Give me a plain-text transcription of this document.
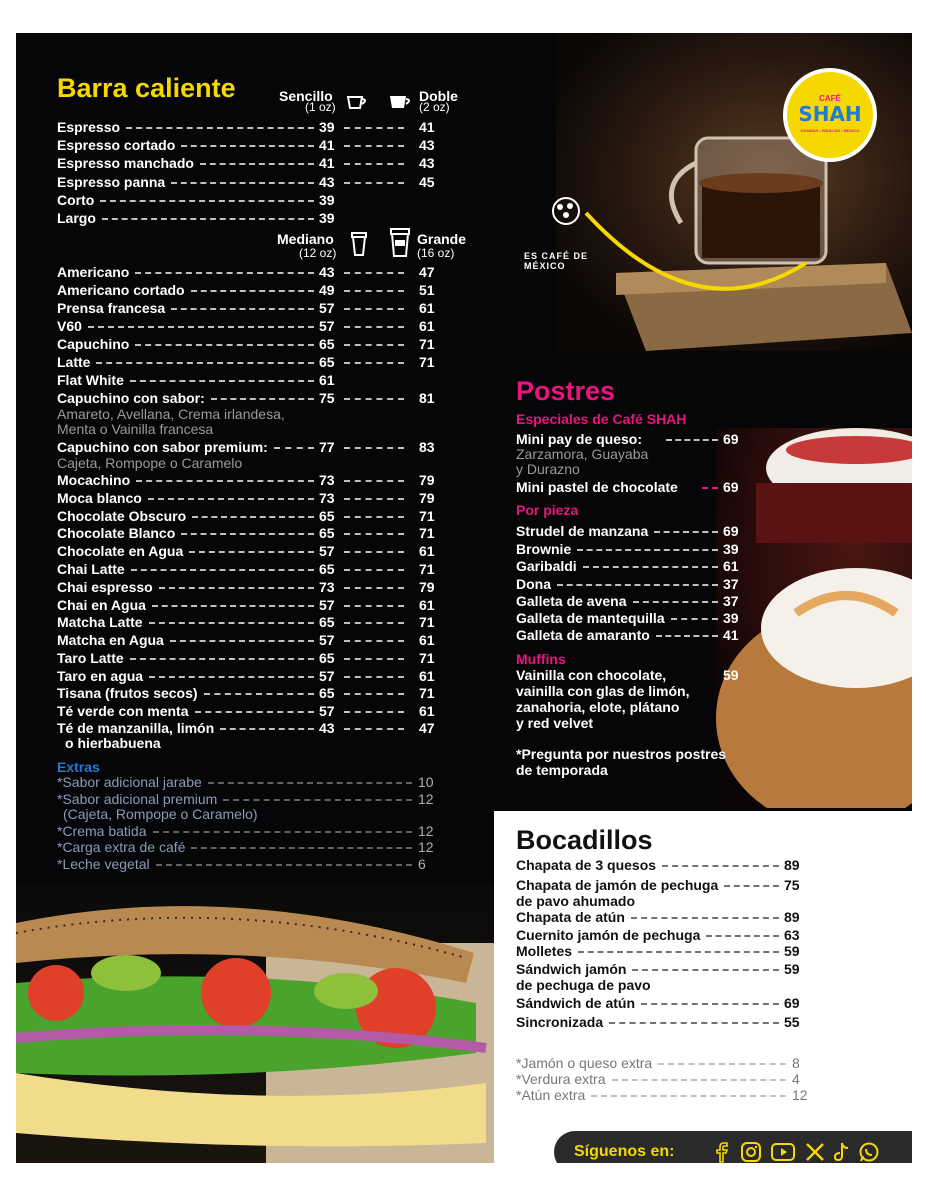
CAFÉ
SHAH
CHAMAS • HIDALGO • MEXICO
ES CAFÉ DE MÉXICO
Barra caliente	Sencillo
(1 oz)
Doble
(2 oz)
Mediano
(12 oz)
Grande
(16 oz)
Amareto, Avellana, Crema irlandesa,
Menta o Vainilla francesa
Cajeta, Rompope o Caramelo
o hierbabuena
Extras
(Cajeta, Rompope o Caramelo)
Postres
Especiales de Café SHAH
Mini pay de queso:	69
Zarzamora, Guayaba
y Durazno
Mini pastel de chocolate	69
Por pieza
Muffins
Vainilla con chocolate,	59
vainilla con glas de limón,
zanahoria, elote, plátano
y red velvet
*Pregunta por nuestros postres
de temporada
Bocadillos
de pavo ahumado
de pechuga de pavo
Síguenos en:
Espresso	39	41
Espresso cortado	41	43
Espresso manchado	41	43
Espresso panna	43	45
Corto	39
Largo	39
Americano	43	47
Americano cortado	49	51
Prensa francesa	57	61
V60	57	61
Capuchino	65	71
Latte	65	71
Flat White	61
Capuchino con sabor:	75	81
Capuchino con sabor premium:	77	83
Mocachino	73	79
Moca blanco	73	79
Chocolate Obscuro	65	71
Chocolate Blanco	65	71
Chocolate en Agua	57	61
Chai Latte	65	71
Chai espresso	73	79
Chai en Agua	57	61
Matcha Latte	65	71
Matcha en Agua	57	61
Taro Latte	65	71
Taro en agua	57	61
Tisana (frutos secos)	65	71
Té verde con menta	57	61
Té de manzanilla, limón	43	47
*Sabor adicional jarabe	10
*Sabor adicional premium	12
*Crema batida	12
*Carga extra de café	12
*Leche vegetal	6
Strudel de manzana	69
Brownie	39
Garibaldi	61
Dona	37
Galleta de avena	37
Galleta de mantequilla	39
Galleta de amaranto	41
Chapata de 3 quesos	89
Chapata de jamón de pechuga	75
Chapata de atún	89
Cuernito jamón de pechuga	63
Molletes	59
Sándwich jamón	59
Sándwich de atún	69
Sincronizada	55
*Jamón o queso extra	8
*Verdura extra	4
*Atún extra	12
